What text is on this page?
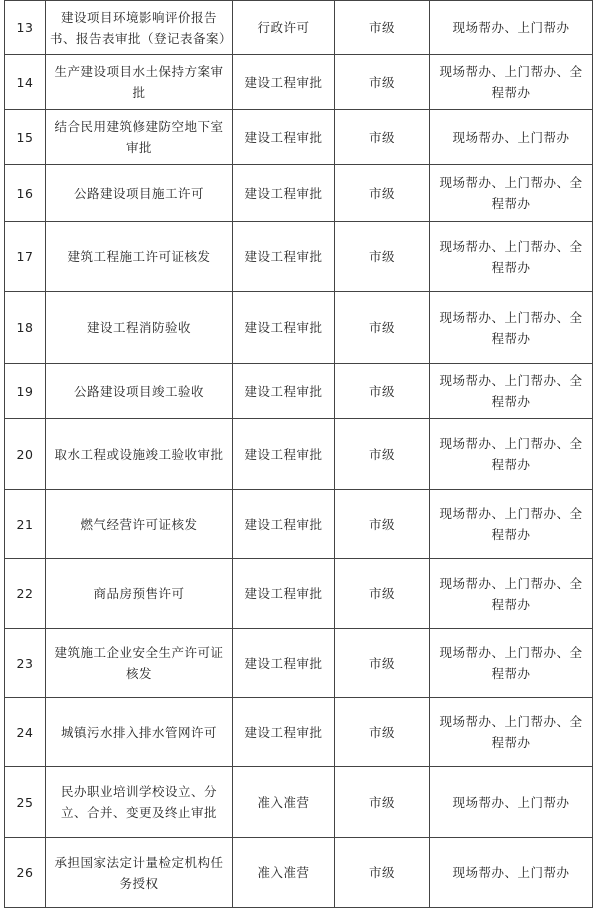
13	建设项目环境影响评价报告书、报告表审批（登记表备案）	行政许可	市级	现场帮办、上门帮办
14	生产建设项目水土保持方案审批	建设工程审批	市级	现场帮办、上门帮办、全程帮办
15	结合民用建筑修建防空地下室审批	建设工程审批	市级	现场帮办、上门帮办
16	公路建设项目施工许可	建设工程审批	市级	现场帮办、上门帮办、全程帮办
17	建筑工程施工许可证核发	建设工程审批	市级	现场帮办、上门帮办、全程帮办
18	建设工程消防验收	建设工程审批	市级	现场帮办、上门帮办、全程帮办
19	公路建设项目竣工验收	建设工程审批	市级	现场帮办、上门帮办、全程帮办
20	取水工程或设施竣工验收审批	建设工程审批	市级	现场帮办、上门帮办、全程帮办
21	燃气经营许可证核发	建设工程审批	市级	现场帮办、上门帮办、全程帮办
22	商品房预售许可	建设工程审批	市级	现场帮办、上门帮办、全程帮办
23	建筑施工企业安全生产许可证核发	建设工程审批	市级	现场帮办、上门帮办、全程帮办
24	城镇污水排入排水管网许可	建设工程审批	市级	现场帮办、上门帮办、全程帮办
25	民办职业培训学校设立、分立、合并、变更及终止审批	准入准营	市级	现场帮办、上门帮办
26	承担国家法定计量检定机构任务授权	准入准营	市级	现场帮办、上门帮办
